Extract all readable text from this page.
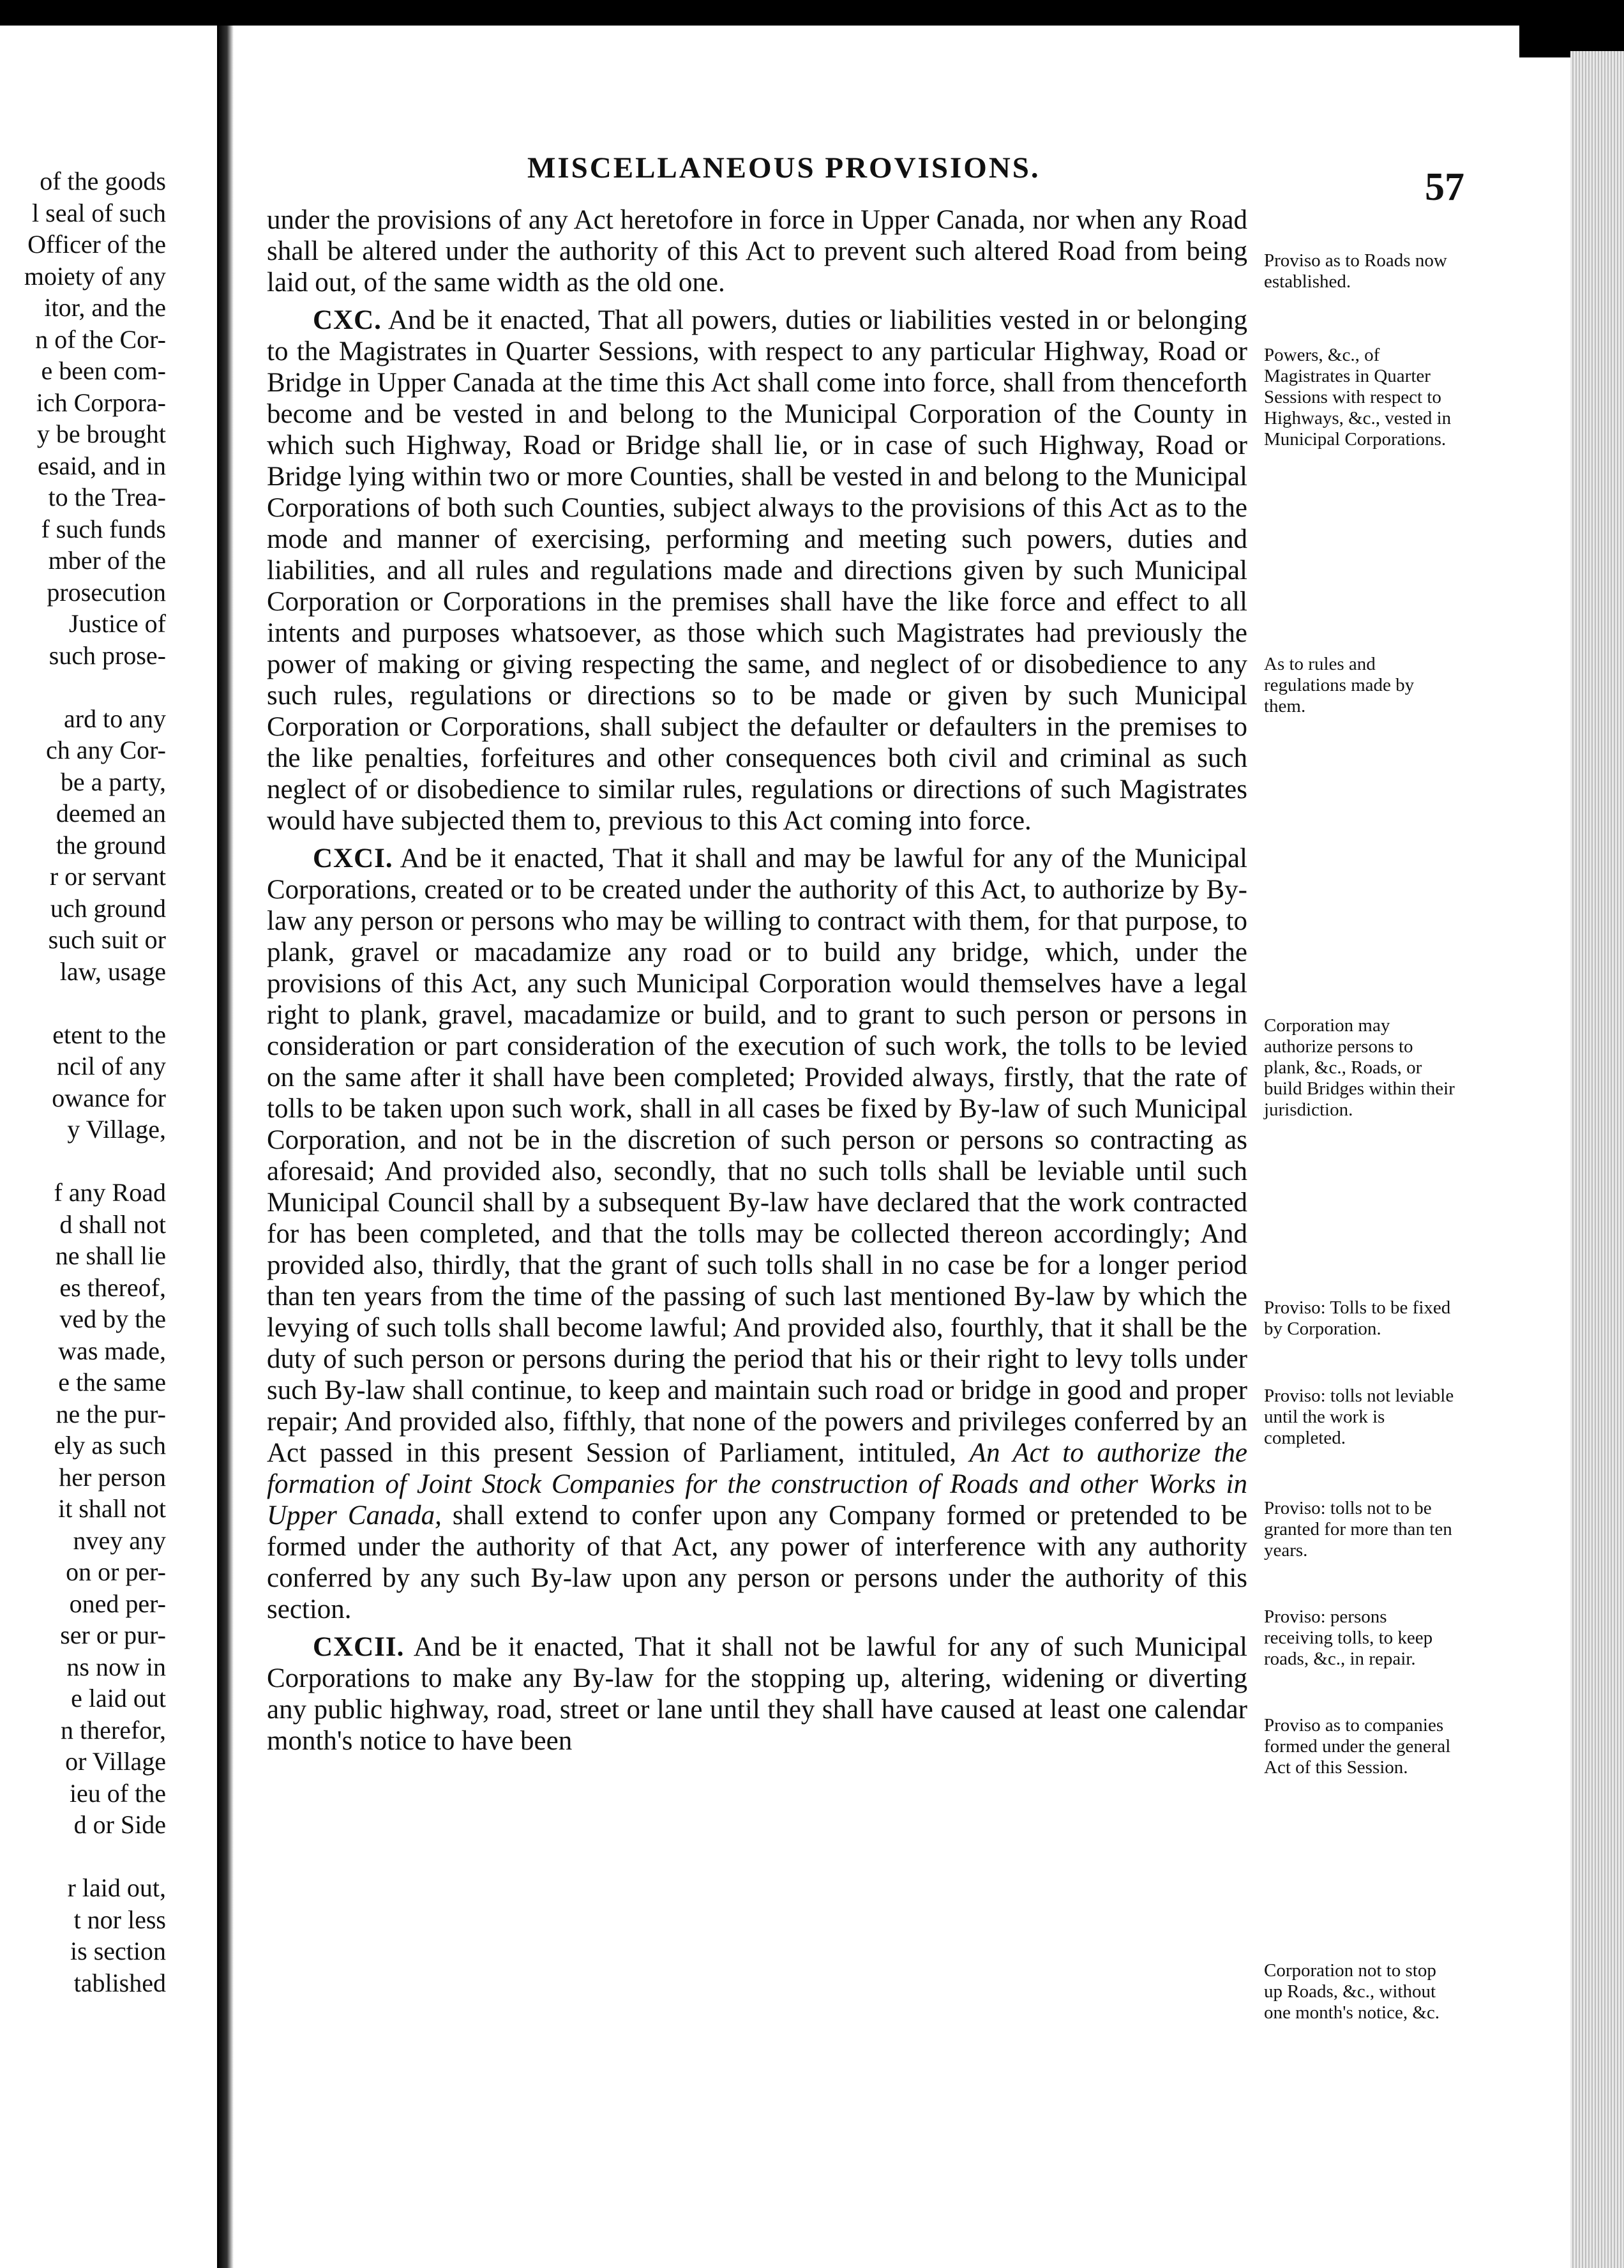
of the goods
l seal of such
Officer of the
moiety of any
itor, and the
n of the Cor-
e been com-
ich Corpora-
y be brought
esaid, and in
to the Trea-
f such funds
mber of the
prosecution
Justice of
such prose-
ard to any
ch any Cor-
be a party,
deemed an
the ground
r or servant
uch ground
such suit or
law, usage
etent to the
ncil of any
owance for
y Village,
f any Road
d shall not
ne shall lie
es thereof,
ved by the
was made,
e the same
ne the pur-
ely as such
her person
it shall not
nvey any
on or per-
oned per-
ser or pur-
ns now in
e laid out
n therefor,
or Village
ieu of the
d or Side
r laid out,
t nor less
is section
tablished
MISCELLANEOUS PROVISIONS.	57

under the provisions of any Act heretofore in force in Upper Canada, nor when any Road shall be altered under the authority of this Act to prevent such altered Road from being laid out, of the same width as the old one.

CXC. And be it enacted, That all powers, duties or liabilities vested in or belonging to the Magistrates in Quarter Sessions, with respect to any particular Highway, Road or Bridge in Upper Canada at the time this Act shall come into force, shall from thenceforth become and be vested in and belong to the Municipal Corporation of the County in which such Highway, Road or Bridge shall lie, or in case of such Highway, Road or Bridge lying within two or more Counties, shall be vested in and belong to the Municipal Corporations of both such Counties, subject always to the provisions of this Act as to the mode and manner of exercising, performing and meeting such powers, duties and liabilities, and all rules and regulations made and directions given by such Municipal Corporation or Corporations in the premises shall have the like force and effect to all intents and purposes whatsoever, as those which such Magistrates had previously the power of making or giving respecting the same, and neglect of or disobedience to any such rules, regulations or directions so to be made or given by such Municipal Corporation or Corporations, shall subject the defaulter or defaulters in the premises to the like penalties, forfeitures and other consequences both civil and criminal as such neglect of or disobedience to similar rules, regulations or directions of such Magistrates would have subjected them to, previous to this Act coming into force.

CXCI. And be it enacted, That it shall and may be lawful for any of the Municipal Corporations, created or to be created under the authority of this Act, to authorize by By-law any person or persons who may be willing to contract with them, for that purpose, to plank, gravel or macadamize any road or to build any bridge, which, under the provisions of this Act, any such Municipal Corporation would themselves have a legal right to plank, gravel, macadamize or build, and to grant to such person or persons in consideration or part consideration of the execution of such work, the tolls to be levied on the same after it shall have been completed; Provided always, firstly, that the rate of tolls to be taken upon such work, shall in all cases be fixed by By-law of such Municipal Corporation, and not be in the discretion of such person or persons so contracting as aforesaid; And provided also, secondly, that no such tolls shall be leviable until such Municipal Council shall by a subsequent By-law have declared that the work contracted for has been completed, and that the tolls may be collected thereon accordingly; And provided also, thirdly, that the grant of such tolls shall in no case be for a longer period than ten years from the time of the passing of such last mentioned By-law by which the levying of such tolls shall become lawful; And provided also, fourthly, that it shall be the duty of such person or persons during the period that his or their right to levy tolls under such By-law shall continue, to keep and maintain such road or bridge in good and proper repair; And provided also, fifthly, that none of the powers and privileges conferred by an Act passed in this present Session of Parliament, intituled, An Act to authorize the formation of Joint Stock Companies for the construction of Roads and other Works in Upper Canada, shall extend to confer upon any Company formed or pretended to be formed under the authority of that Act, any power of interference with any authority conferred by any such By-law upon any person or persons under the authority of this section.

CXCII. And be it enacted, That it shall not be lawful for any of such Municipal Corporations to make any By-law for the stopping up, altering, widening or diverting any public highway, road, street or lane until they shall have caused at least one calendar month's notice to have been

Proviso as to Roads now established.
Powers, &c., of Magistrates in Quarter Sessions with respect to Highways, &c., vested in Municipal Corporations.
As to rules and regulations made by them.
Corporation may authorize persons to plank, &c., Roads, or build Bridges within their jurisdiction.
Proviso: Tolls to be fixed by Corporation.
Proviso: tolls not leviable until the work is completed.
Proviso: tolls not to be granted for more than ten years.
Proviso: persons receiving tolls, to keep roads, &c., in repair.
Proviso as to companies formed under the general Act of this Session.
Corporation not to stop up Roads, &c., without one month's notice, &c.
